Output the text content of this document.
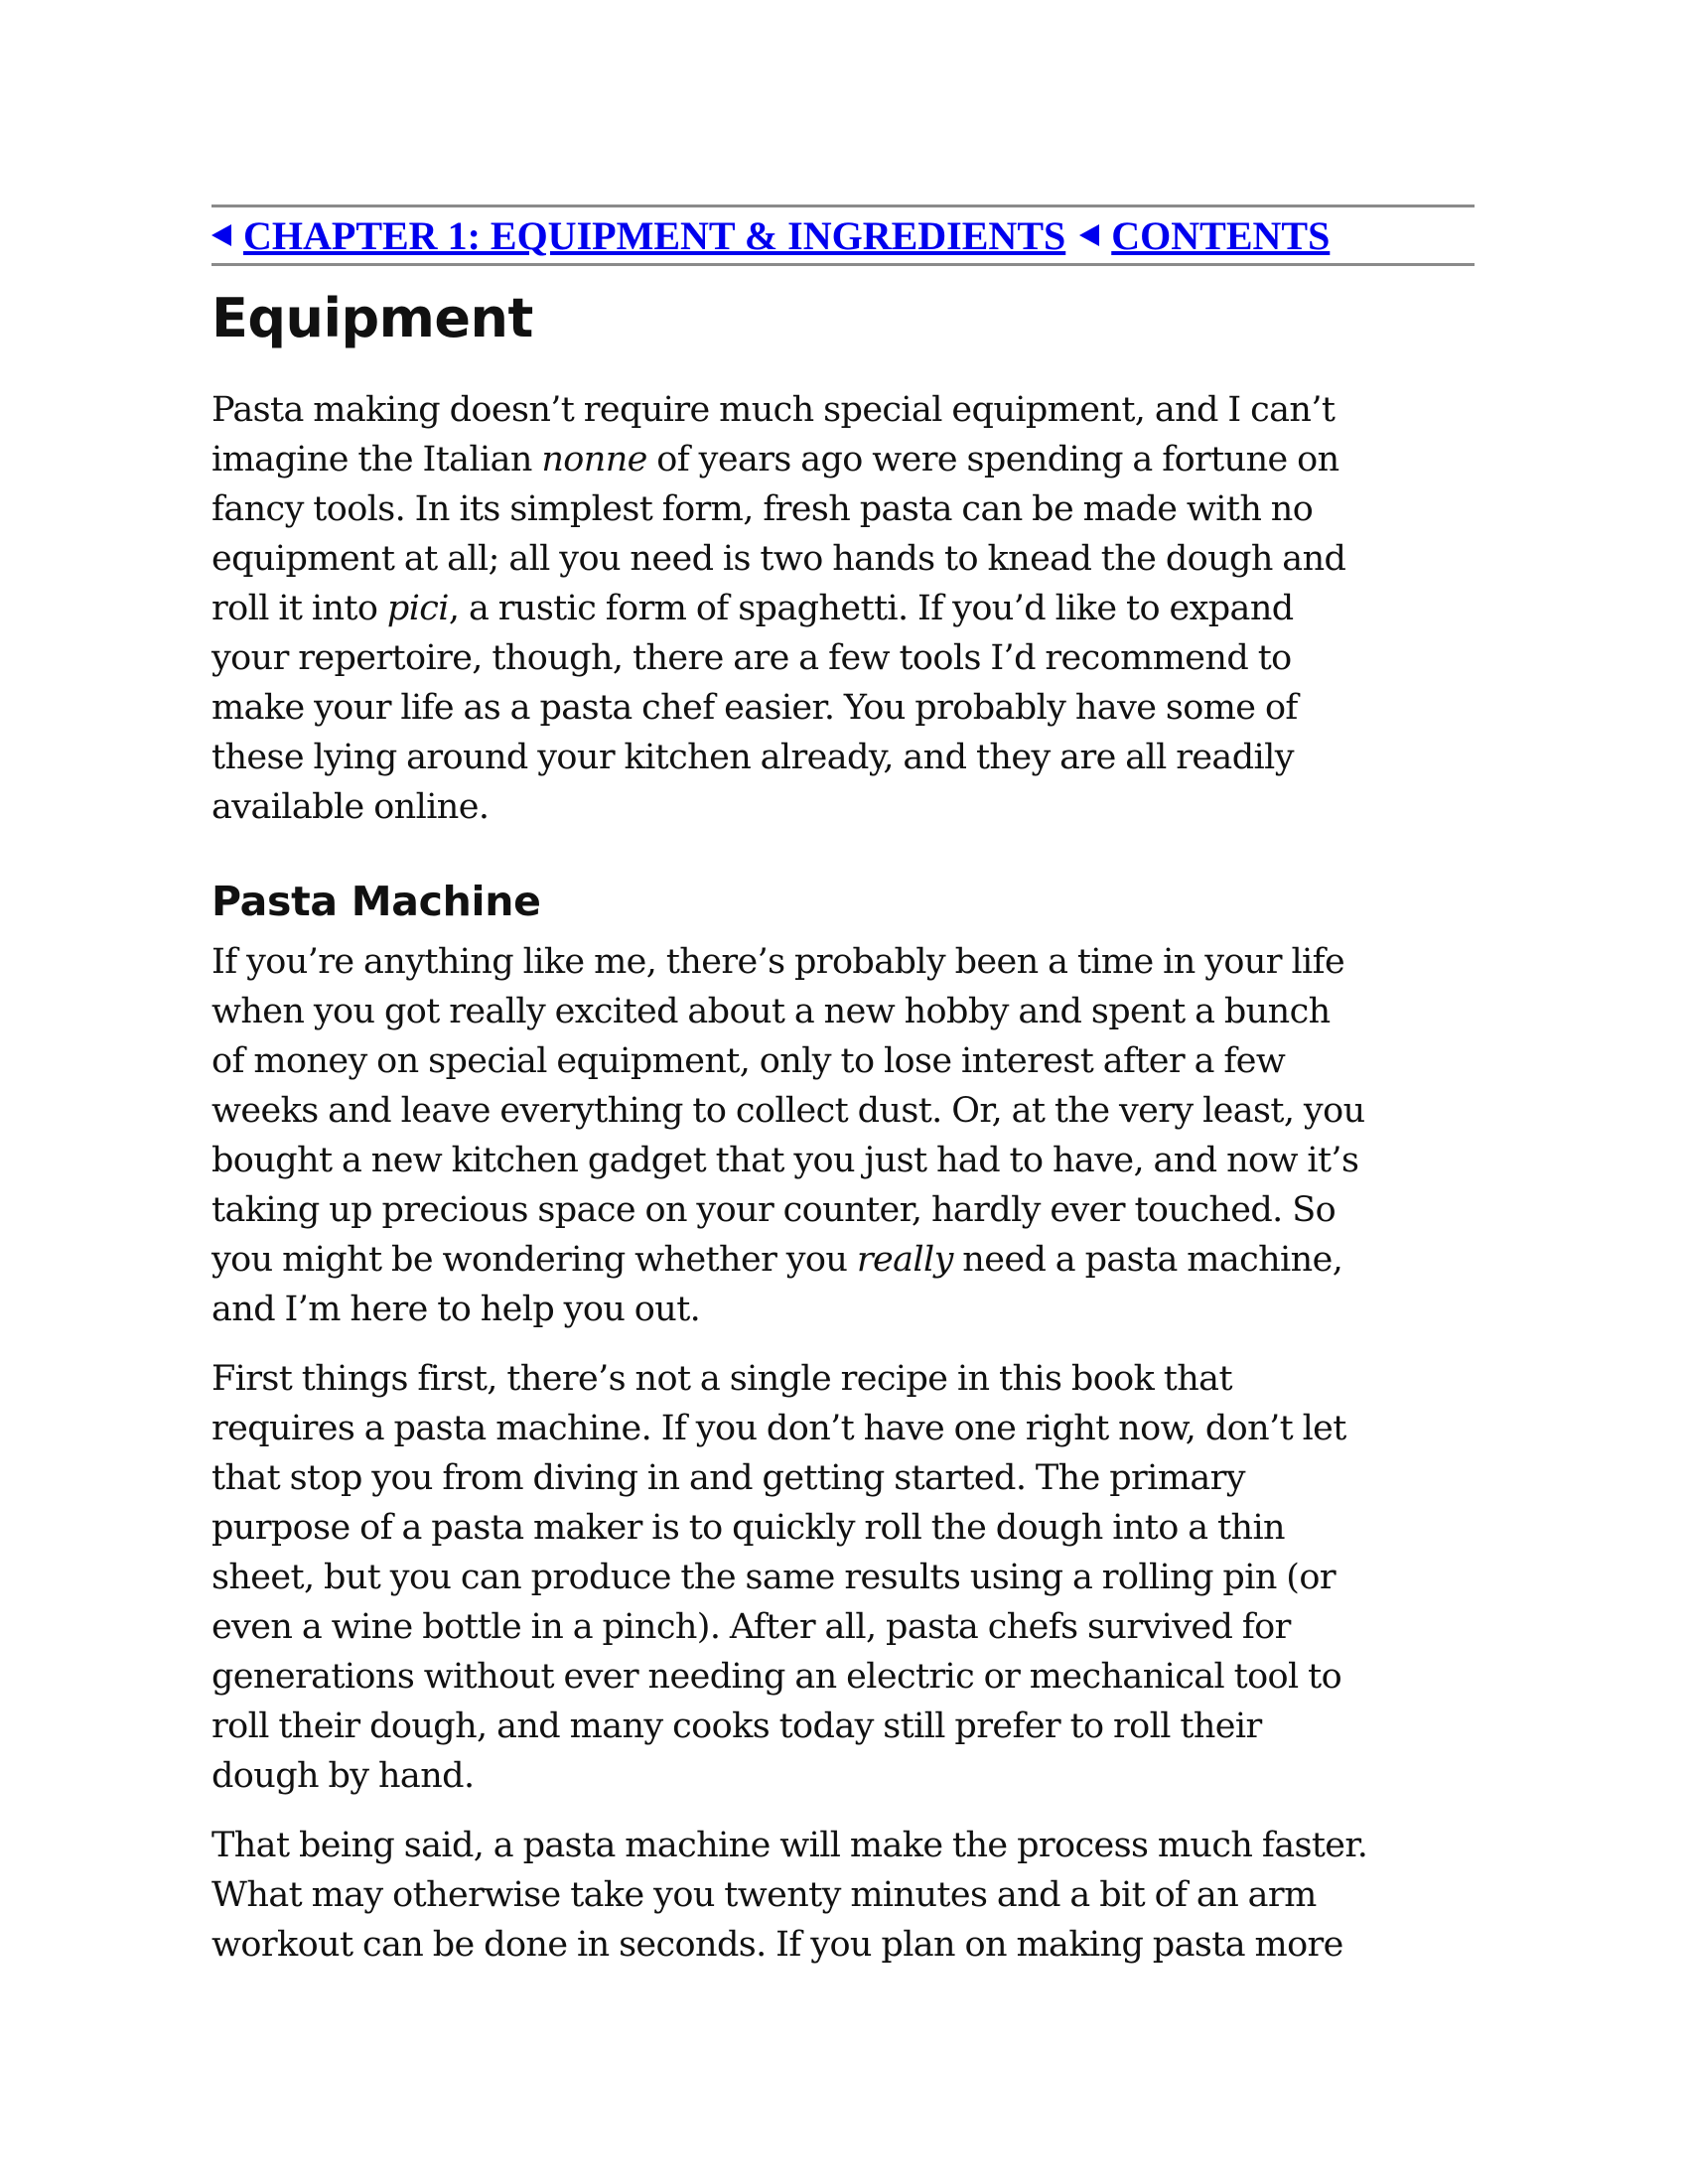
CHAPTER 1: EQUIPMENT & INGREDIENTS CONTENTS
Equipment

Pasta making doesn’t require much special equipment, and I can’t
imagine the Italian nonne of years ago were spending a fortune on
fancy tools. In its simplest form, fresh pasta can be made with no
equipment at all; all you need is two hands to knead the dough and
roll it into pici, a rustic form of spaghetti. If you’d like to expand
your repertoire, though, there are a few tools I’d recommend to
make your life as a pasta chef easier. You probably have some of
these lying around your kitchen already, and they are all readily
available online.

Pasta Machine

If you’re anything like me, there’s probably been a time in your life
when you got really excited about a new hobby and spent a bunch
of money on special equipment, only to lose interest after a few
weeks and leave everything to collect dust. Or, at the very least, you
bought a new kitchen gadget that you just had to have, and now it’s
taking up precious space on your counter, hardly ever touched. So
you might be wondering whether you really need a pasta machine,
and I’m here to help you out.

First things first, there’s not a single recipe in this book that
requires a pasta machine. If you don’t have one right now, don’t let
that stop you from diving in and getting started. The primary
purpose of a pasta maker is to quickly roll the dough into a thin
sheet, but you can produce the same results using a rolling pin (or
even a wine bottle in a pinch). After all, pasta chefs survived for
generations without ever needing an electric or mechanical tool to
roll their dough, and many cooks today still prefer to roll their
dough by hand.

That being said, a pasta machine will make the process much faster.
What may otherwise take you twenty minutes and a bit of an arm
workout can be done in seconds. If you plan on making pasta more
